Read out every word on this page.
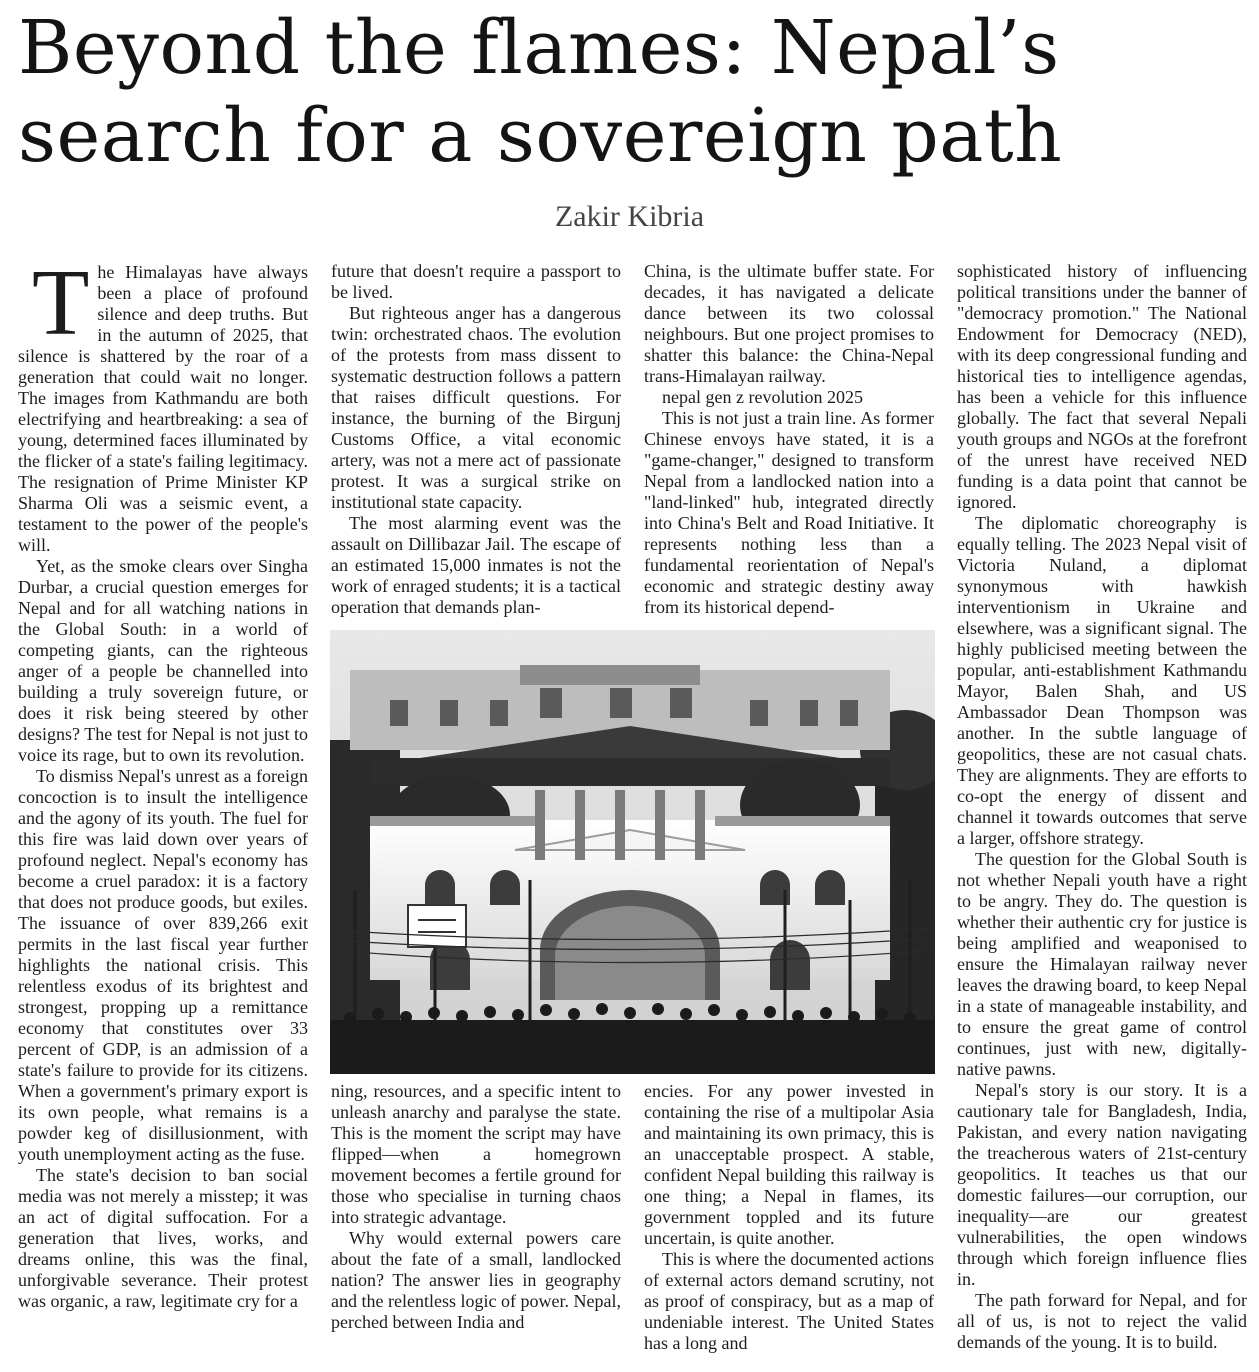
Beyond the flames: Nepal’s
search for a sovereign path
Zakir Kibria
T he Himalayas have always been a place of profound silence and deep truths. But in the autumn of 2025, that silence is shattered by the roar of a generation that could wait no longer. The images from Kathmandu are both electrifying and heartbreaking: a sea of young, determined faces illuminated by the flicker of a state's failing legitimacy. The resignation of Prime Minister KP Sharma Oli was a seismic event, a testament to the power of the people's will.

Yet, as the smoke clears over Singha Durbar, a crucial question emerges for Nepal and for all watching nations in the Global South: in a world of competing giants, can the righteous anger of a people be channelled into building a truly sovereign future, or does it risk being steered by other designs? The test for Nepal is not just to voice its rage, but to own its revolution.

To dismiss Nepal's unrest as a foreign concoction is to insult the intelligence and the agony of its youth. The fuel for this fire was laid down over years of profound neglect. Nepal's economy has become a cruel paradox: it is a factory that does not produce goods, but exiles. The issuance of over 839,266 exit permits in the last fiscal year further highlights the national crisis. This relentless exodus of its brightest and strongest, propping up a remittance economy that constitutes over 33 percent of GDP, is an admission of a state's failure to provide for its citizens. When a government's primary export is its own people, what remains is a powder keg of disillusionment, with youth unemployment acting as the fuse.

The state's decision to ban social media was not merely a misstep; it was an act of digital suffocation. For a generation that lives, works, and dreams online, this was the final, unforgivable severance. Their protest was organic, a raw, legitimate cry for a

future that doesn't require a passport to be lived.

But righteous anger has a dangerous twin: orchestrated chaos. The evolution of the protests from mass dissent to systematic destruction follows a pattern that raises difficult questions. For instance, the burning of the Birgunj Customs Office, a vital economic artery, was not a mere act of passionate protest. It was a surgical strike on institutional state capacity.

The most alarming event was the assault on Dillibazar Jail. The escape of an estimated 15,000 inmates is not the work of enraged students; it is a tactical operation that demands plan-

China, is the ultimate buffer state. For decades, it has navigated a delicate dance between its two colossal neighbours. But one project promises to shatter this balance: the China-Nepal trans-Himalayan railway.

nepal gen z revolution 2025

This is not just a train line. As former Chinese envoys have stated, it is a "game-changer," designed to transform Nepal from a landlocked nation into a "land-linked" hub, integrated directly into China's Belt and Road Initiative. It represents nothing less than a fundamental reorientation of Nepal's economic and strategic destiny away from its historical depend-

ning, resources, and a specific intent to unleash anarchy and paralyse the state. This is the moment the script may have flipped—when a homegrown movement becomes a fertile ground for those who specialise in turning chaos into strategic advantage.

Why would external powers care about the fate of a small, landlocked nation? The answer lies in geography and the relentless logic of power. Nepal, perched between India and

encies. For any power invested in containing the rise of a multipolar Asia and maintaining its own primacy, this is an unacceptable prospect. A stable, confident Nepal building this railway is one thing; a Nepal in flames, its government toppled and its future uncertain, is quite another.

This is where the documented actions of external actors demand scrutiny, not as proof of conspiracy, but as a map of undeniable interest. The United States has a long and

sophisticated history of influencing political transitions under the banner of "democracy promotion." The National Endowment for Democracy (NED), with its deep congressional funding and historical ties to intelligence agendas, has been a vehicle for this influence globally. The fact that several Nepali youth groups and NGOs at the forefront of the unrest have received NED funding is a data point that cannot be ignored.

The diplomatic choreography is equally telling. The 2023 Nepal visit of Victoria Nuland, a diplomat synonymous with hawkish interventionism in Ukraine and elsewhere, was a significant signal. The highly publicised meeting between the popular, anti-establishment Kathmandu Mayor, Balen Shah, and US Ambassador Dean Thompson was another. In the subtle language of geopolitics, these are not casual chats. They are alignments. They are efforts to co-opt the energy of dissent and channel it towards outcomes that serve a larger, offshore strategy.

The question for the Global South is not whether Nepali youth have a right to be angry. They do. The question is whether their authentic cry for justice is being amplified and weaponised to ensure the Himalayan railway never leaves the drawing board, to keep Nepal in a state of manageable instability, and to ensure the great game of control continues, just with new, digitally-native pawns.

Nepal's story is our story. It is a cautionary tale for Bangladesh, India, Pakistan, and every nation navigating the treacherous waters of 21st-century geopolitics. It teaches us that our domestic failures—our corruption, our inequality—are our greatest vulnerabilities, the open windows through which foreign influence flies in.

The path forward for Nepal, and for all of us, is not to reject the valid demands of the young. It is to build.
